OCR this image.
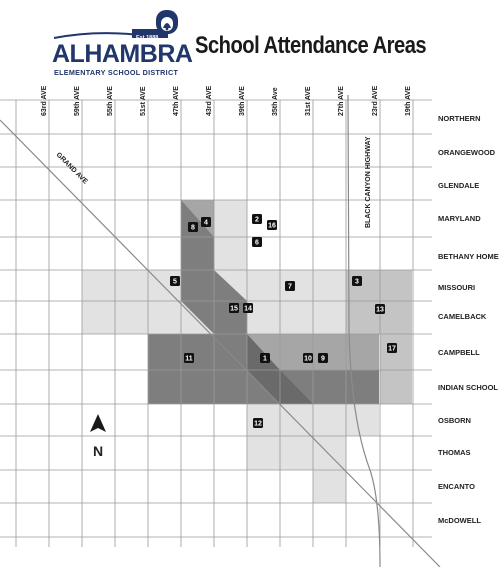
Est 1888
ALHAMBRA
ELEMENTARY SCHOOL DISTRICT
School Attendance Areas
GRAND AVE	BLACK CANYON HIGHWAY
63rd AVE	59th AVE	55th AVE	51st AVE	47th AVE	43rd AVE	39th AVE	35th Ave	31st AVE	27th AVE	23rd AVE	19th AVE
NORTHERN
ORANGEWOOD
GLENDALE
MARYLAND
BETHANY HOME
MISSOURI
CAMELBACK
CAMPBELL
INDIAN SCHOOL
OSBORN
THOMAS
ENCANTO
McDOWELL
1
2
3
4
5
6
7
8
9
10
11
12
13
14
15
16
17
N
